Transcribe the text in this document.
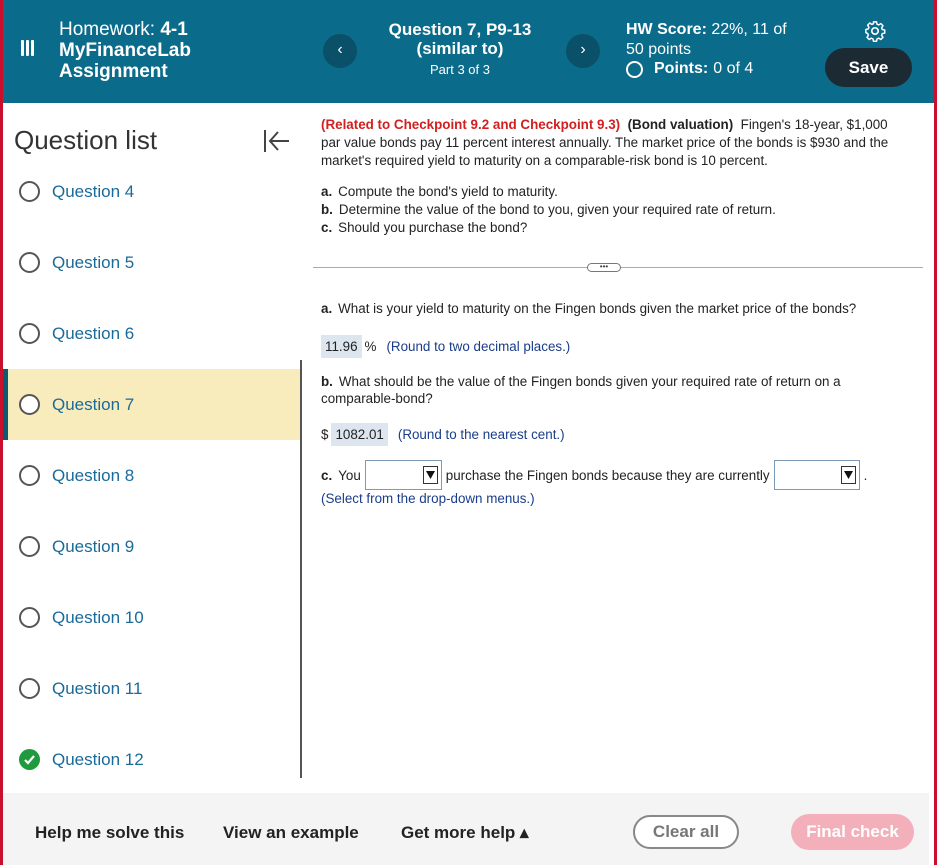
Homework: 4-1
MyFinanceLab
Assignment
‹
Question 7, P9-13
(similar to)
Part 3 of 3
›
HW Score: 22%, 11 of
50 points
Points: 0 of 4	Save
Question list
Question 4
Question 5
Question 6
Question 7
Question 8
Question 9
Question 10
Question 11
Question 12
(Related to Checkpoint 9.2 and Checkpoint 9.3) (Bond valuation) Fingen's 18-year, $1,000 par value bonds pay 11 percent interest annually. The market price of the bonds is $930 and the market's required yield to maturity on a comparable-risk bond is 10 percent.
a. Compute the bond's yield to maturity.
b. Determine the value of the bond to you, given your required rate of return.
c. Should you purchase the bond?
•••
a. What is your yield to maturity on the Fingen bonds given the market price of the bonds?
11.96 % (Round to two decimal places.)
b. What should be the value of the Fingen bonds given your required rate of return on a comparable-bond?
$ 1082.01 (Round to the nearest cent.)
c. You	purchase the Fingen bonds because they are currently	.
(Select from the drop-down menus.)
Help me solve this View an example Get more help ▴	Clear all	Final check
